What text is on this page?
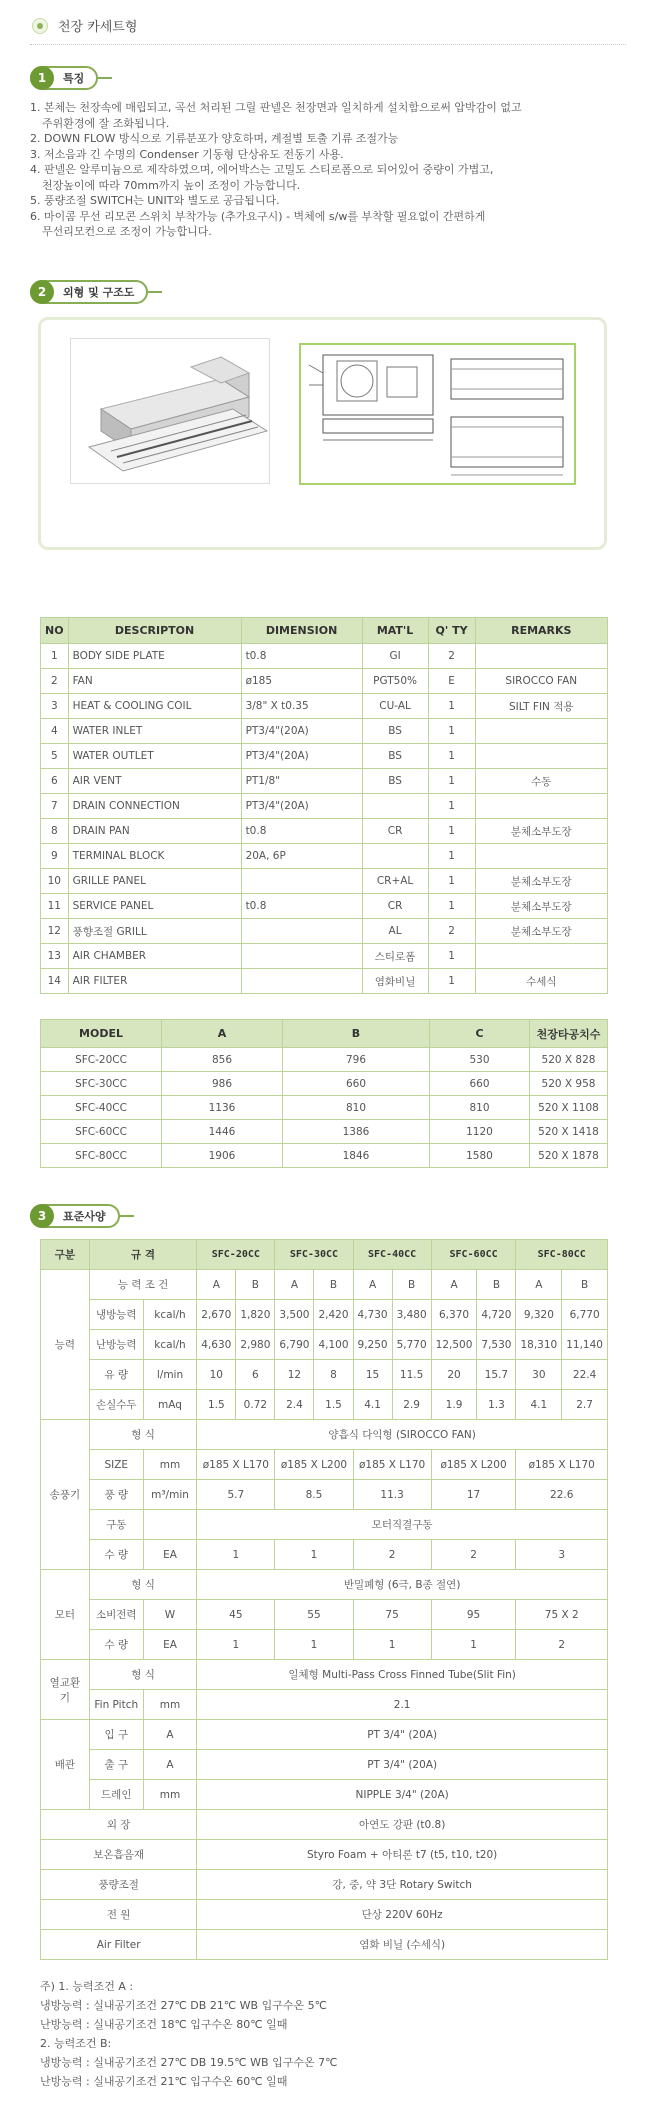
천장 카세트형
1	특징
1. 본체는 천장속에 매립되고, 곡선 처리된 그릴 판넬은 천장면과 일치하게 설치함으로써 압박감이 없고
주위환경에 잘 조화됩니다.
2. DOWN FLOW 방식으로 기류분포가 양호하며, 계절별 토출 기류 조절가능
3. 저소음과 긴 수명의 Condenser 기동형 단상유도 전동기 사용.
4. 판넬은 알루미늄으로 제작하였으며, 에어박스는 고밀도 스티로폼으로 되어있어 중량이 가볍고,
천장높이에 따라 70mm까지 높이 조정이 가능합니다.
5. 풍량조절 SWITCH는 UNIT와 별도로 공급됩니다.
6. 마이콤 무선 리모콘 스위치 부착가능 (추가요구시) - 벽체에 s/w를 부착할 필요없이 간편하게
무선리모컨으로 조정이 가능합니다.
2	외형 및 구조도
NO	DESCRIPTON	DIMENSION	MAT'L	Q' TY	REMARKS
1	BODY SIDE PLATE	t0.8	GI	2	
2	FAN	ø185	PGT50%	E	SIROCCO FAN
3	HEAT & COOLING COIL	3/8" X t0.35	CU-AL	1	SILT FIN 적용
4	WATER INLET	PT3/4"(20A)	BS	1	
5	WATER OUTLET	PT3/4"(20A)	BS	1	
6	AIR VENT	PT1/8"	BS	1	수동
7	DRAIN CONNECTION	PT3/4"(20A)		1	
8	DRAIN PAN	t0.8	CR	1	분체소부도장
9	TERMINAL BLOCK	20A, 6P		1	
10	GRILLE PANEL		CR+AL	1	분체소부도장
11	SERVICE PANEL	t0.8	CR	1	분체소부도장
12	풍향조절 GRILL		AL	2	분체소부도장
13	AIR CHAMBER		스티로폼	1	
14	AIR FILTER		염화비닐	1	수세식
MODEL	A	B	C	천장타공치수
SFC-20CC	856	796	530	520 X 828
SFC-30CC	986	660	660	520 X 958
SFC-40CC	1136	810	810	520 X 1108
SFC-60CC	1446	1386	1120	520 X 1418
SFC-80CC	1906	1846	1580	520 X 1878
3	표준사양
구분	규 격		SFC-20CC		SFC-30CC		SFC-40CC		SFC-60CC		SFC-80CC	
능력	능 력 조 건		A	B	A	B	A	B	A	B	A	B
	냉방능력	kcal/h	2,670	1,820	3,500	2,420	4,730	3,480	6,370	4,720	9,320	6,770
	난방능력	kcal/h	4,630	2,980	6,790	4,100	9,250	5,770	12,500	7,530	18,310	11,140
	유 량	l/min	10	6	12	8	15	11.5	20	15.7	30	22.4
	손실수두	mAq	1.5	0.72	2.4	1.5	4.1	2.9	1.9	1.3	4.1	2.7
송풍기	형 식		양흡식 다익형 (SIROCCO FAN)									
	SIZE	mm	ø185 X L170		ø185 X L200		ø185 X L170		ø185 X L200		ø185 X L170	
	풍 량	m³/min	5.7		8.5		11.3		17		22.6	
	구동		모터직결구동									
	수 량	EA	1		1		2		2		3	
모터	형 식		반밀폐형 (6극, B종 절연)									
	소비전력	W	45		55		75		95		75 X 2	
	수 량	EA	1		1		1		1		2	
열교환기	형 식		일체형 Multi-Pass Cross Finned Tube(Slit Fin)									
	Fin Pitch	mm	2.1									
배관	입 구	A	PT 3/4" (20A)									
	출 구	A	PT 3/4" (20A)									
	드레인	mm	NIPPLE 3/4" (20A)									
외 장			아연도 강판 (t0.8)									
보온흡음재			Styro Foam + 아티론 t7 (t5, t10, t20)									
풍량조절			강, 중, 약 3단 Rotary Switch									
전 원			단상 220V 60Hz									
Air Filter			염화 비닐 (수세식)									
주) 1. 능력조건 A :
냉방능력 : 실내공기조건 27℃ DB 21℃ WB 입구수온 5℃
난방능력 : 실내공기조건 18℃ 입구수온 80℃ 일때
2. 능력조건 B:
냉방능력 : 실내공기조건 27℃ DB 19.5℃ WB 입구수온 7℃
난방능력 : 실내공기조건 21℃ 입구수온 60℃ 일때
